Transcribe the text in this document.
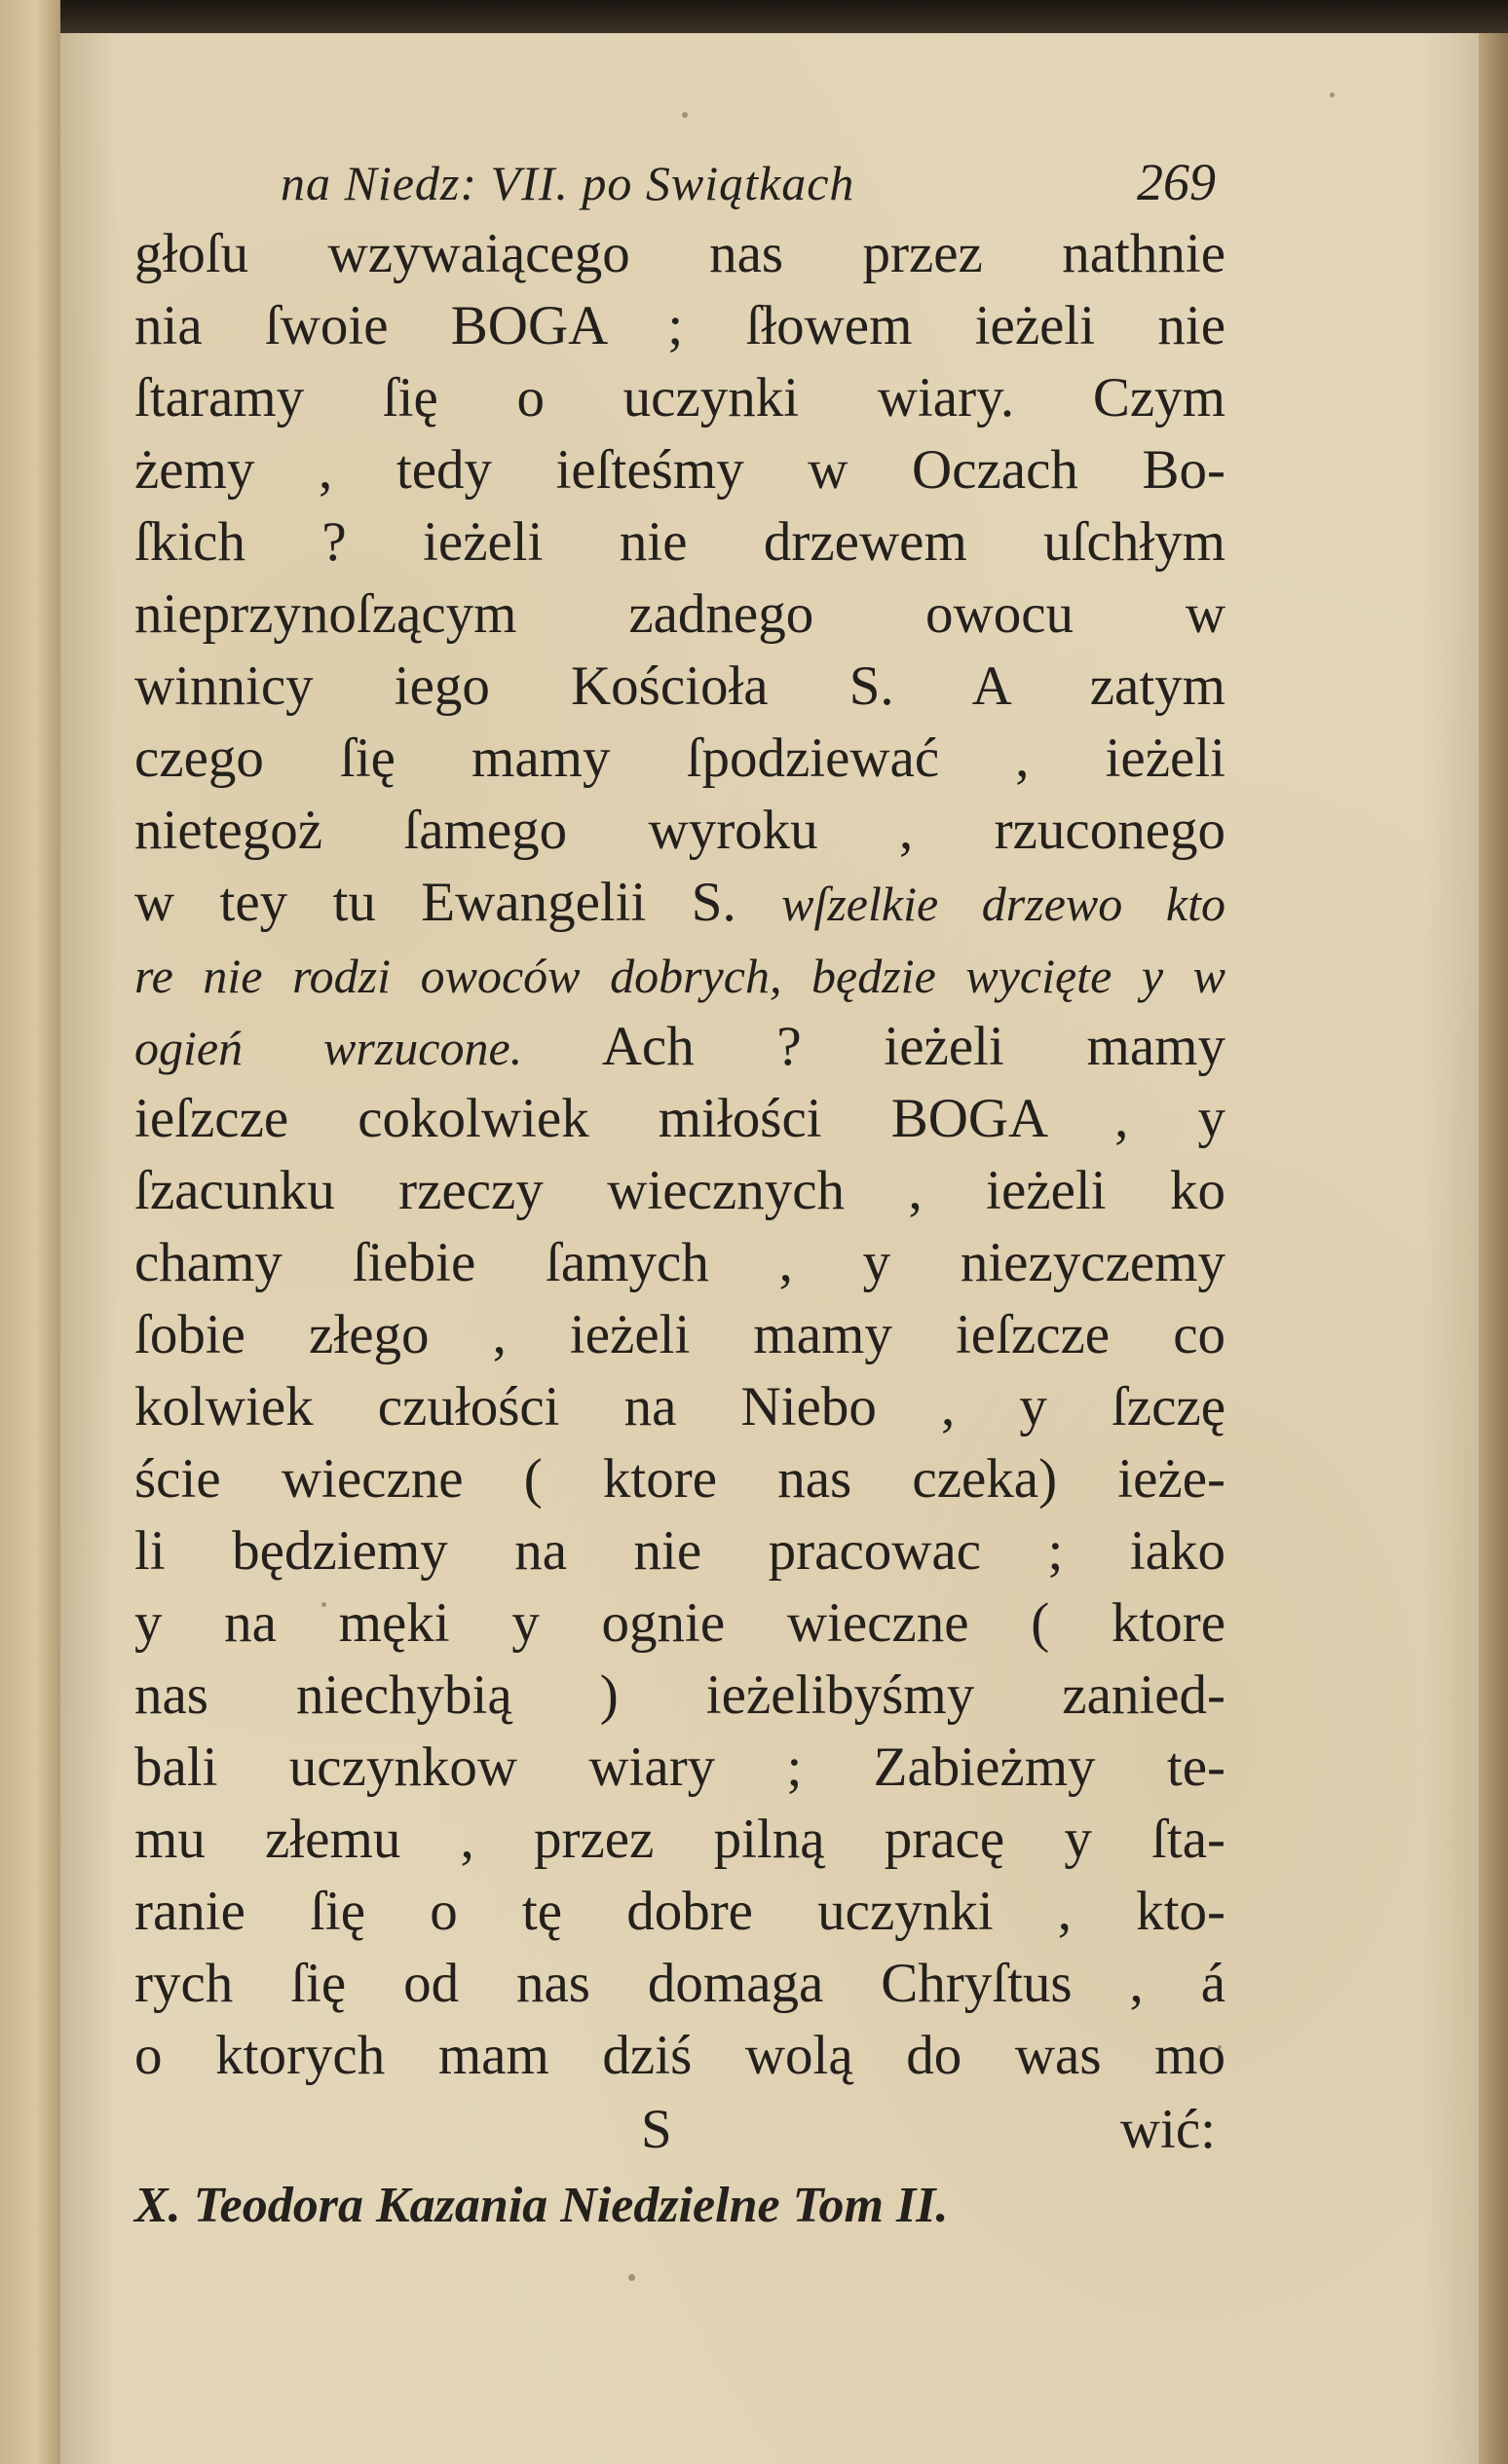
na Niedz: VII. po Swiątkach	269
głoſu wzywaiącego nas przez nathnie
nia ſwoie BOGA ; ſłowem ieżeli nie
ſtaramy ſię o uczynki wiary. Czym
żemy , tedy ieſteśmy w Oczach Bo-
ſkich ? ieżeli nie drzewem uſchłym
nieprzynoſzącym zadnego owocu w
winnicy iego Kościoła S. A zatym
czego ſię mamy ſpodziewać , ieżeli
nietegoż ſamego wyroku , rzuconego
w tey tu Ewangelii S. wſzelkie drzewo kto
re nie rodzi owoców dobrych, będzie wycięte y w
ogień wrzucone. Ach ? ieżeli mamy
ieſzcze cokolwiek miłości BOGA , y
ſzacunku rzeczy wiecznych , ieżeli ko
chamy ſiebie ſamych , y niezyczemy
ſobie złego , ieżeli mamy ieſzcze co
kolwiek czułości na Niebo , y ſzczę
ście wieczne ( ktore nas czeka) ieże-
li będziemy na nie pracowac ; iako
y na męki y ognie wieczne ( ktore
nas niechybią ) ieżelibyśmy zanied-
bali uczynkow wiary ; Zabieżmy te-
mu złemu , przez pilną pracę y ſta-
ranie ſię o tę dobre uczynki , kto-
rych ſię od nas domaga Chryſtus , á
o ktorych mam dziś wolą do was mo
S	wić:
X. Teodora Kazania Niedzielne Tom II.
